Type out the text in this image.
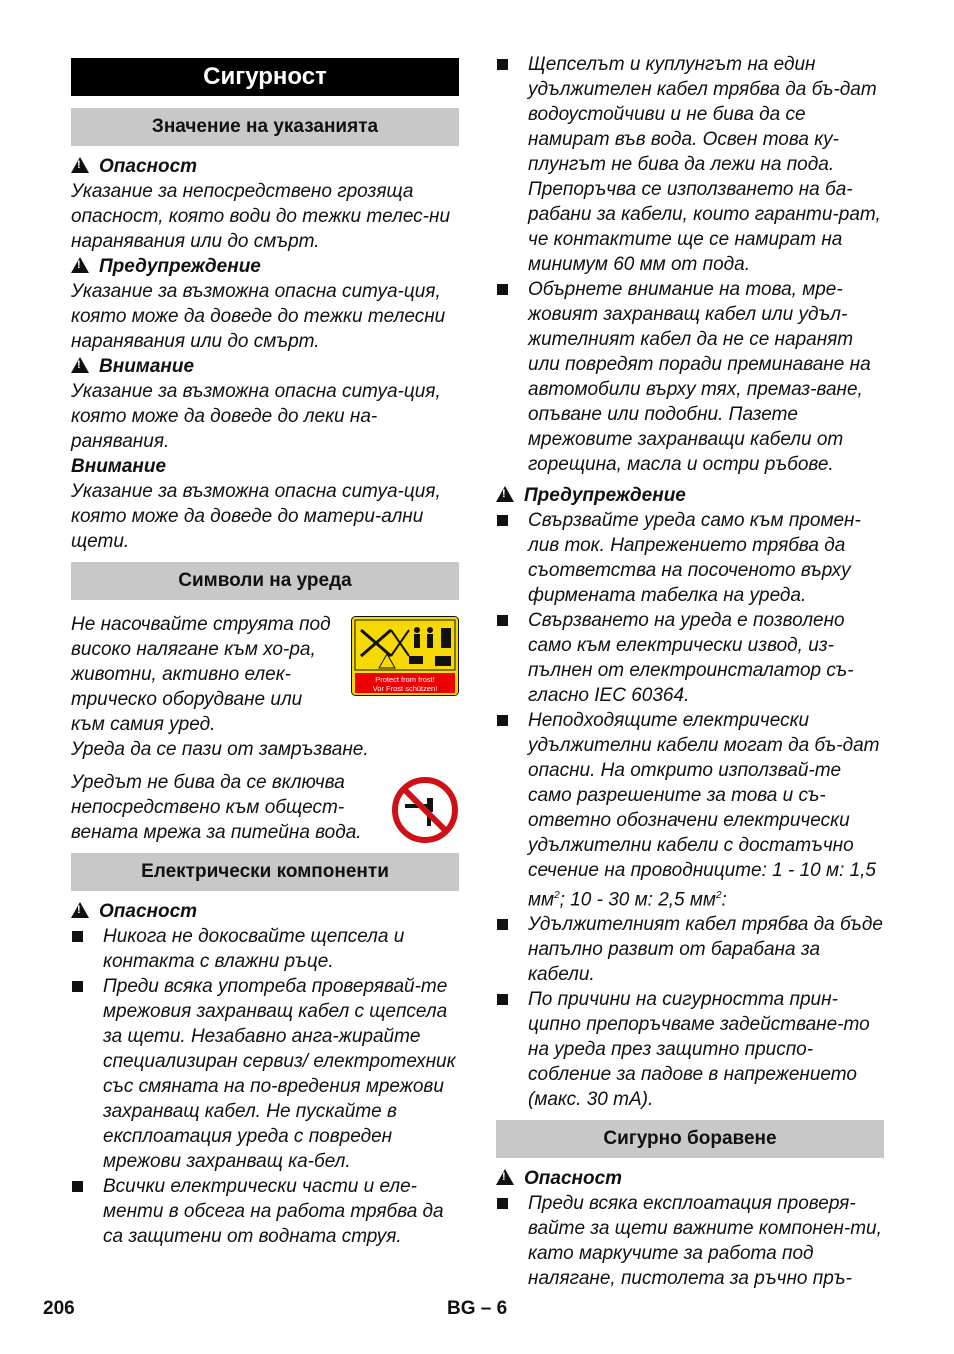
Сигурност
Значение на указанията
!Опасност

Указание за непосредствено грозяща опасност, която води до тежки телес-ни наранявания или до смърт.

!Предупреждение

Указание за възможна опасна ситуа-ция, която може да доведе до тежки телесни наранявания или до смърт.

!Внимание

Указание за възможна опасна ситуа-ция, която може да доведе до леки на-ранявания.

Внимание

Указание за възможна опасна ситуа-ция, която може да доведе до матери-ални щети.

Символи на уреда

Не насочвайте струята под високо налягане към хо-ра, животни, активно елек-трическо оборудване или към самия уред.

Protect from frost!
Vor Frost schützen!

Уреда да се пази от замръзване.

Уредът не бива да се включва непосредствено към общест-вената мрежа за питейна вода.

Електрически компоненти
!Опасност
Никога не докосвайте щепсела и контакта с влажни ръце.
Преди всяка употреба проверявай-те мрежовия захранващ кабел с щепсела за щети. Незабавно анга-жирайте специализиран сервиз/ електротехник със смяната на по-вредения мрежови захранващ кабел. Не пускайте в експлоатация уреда с повреден мрежови захранващ ка-бел.
Всички електрически части и еле-менти в обсега на работа трябва да са защитени от водната струя.
Щепселът и куплунгът на един удължителен кабел трябва да бъ-дат водоустойчиви и не бива да се намират във вода. Освен това ку-плунгът не бива да лежи на пода. Препоръчва се използването на ба-рабани за кабели, които гаранти-рат, че контактите ще се намират на минимум 60 мм от пода.
Обърнете внимание на това, мре-жовият захранващ кабел или удъл-жителният кабел да не се наранят или повредят поради преминаване на автомобили върху тях, премаз-ване, опъване или подобни. Пазете мрежовите захранващи кабели от горещина, масла и остри ръбове.
!Предупреждение
Свързвайте уреда само към промен-лив ток. Напрежението трябва да съответства на посоченото върху фирмената табелка на уреда.
Свързването на уреда е позволено само към електрически извод, из-пълнен от електроинсталатор съ-гласно IEC 60364.
Неподходящите електрически удължителни кабели могат да бъ-дат опасни. На открито използвай-те само разрешените за това и съ-ответно обозначени електрически удължителни кабели с достатъчно сечение на проводниците: 1 - 10 м: 1,5 $мм^2$; 10 - 30 м: 2,5 $мм^2$:
Удължителният кабел трябва да бъде напълно развит от барабана за кабели.
По причини на сигурността прин-ципно препоръчваме задействане-то на уреда през защитно приспо-собление за падове в напрежението (макс. 30 mA).
Сигурно боравене
!Опасност
Преди всяка експлоатация проверя-вайте за щети важните компонен-ти, като маркучите за работа под налягане, пистолета за ръчно пръ-
206	BG – 6
